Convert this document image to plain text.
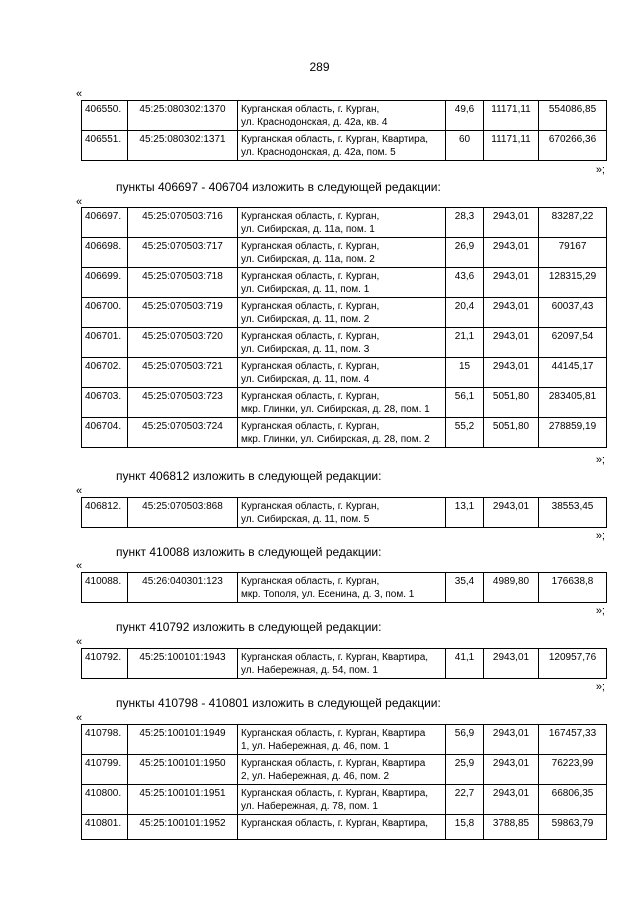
289
«
406550.	45:25:080302:1370	Курганская область, г. Курган,
ул. Краснодонская, д. 42а, кв. 4	49,6	11171,11	554086,85
406551.	45:25:080302:1371	Курганская область, г. Курган, Квартира,
ул. Краснодонская, д. 42а, пом. 5	60	11171,11	670266,36
»;
пункты 406697 - 406704 изложить в следующей редакции:
«
406697.	45:25:070503:716	Курганская область, г. Курган,
ул. Сибирская, д. 11а, пом. 1	28,3	2943,01	83287,22
406698.	45:25:070503:717	Курганская область, г. Курган,
ул. Сибирская, д. 11а, пом. 2	26,9	2943,01	79167
406699.	45:25:070503:718	Курганская область, г. Курган,
ул. Сибирская, д. 11, пом. 1	43,6	2943,01	128315,29
406700.	45:25:070503:719	Курганская область, г. Курган,
ул. Сибирская, д. 11, пом. 2	20,4	2943,01	60037,43
406701.	45:25:070503:720	Курганская область, г. Курган,
ул. Сибирская, д. 11, пом. 3	21,1	2943,01	62097,54
406702.	45:25:070503:721	Курганская область, г. Курган,
ул. Сибирская, д. 11, пом. 4	15	2943,01	44145,17
406703.	45:25:070503:723	Курганская область, г. Курган,
мкр. Глинки, ул. Сибирская, д. 28, пом. 1	56,1	5051,80	283405,81
406704.	45:25:070503:724	Курганская область, г. Курган,
мкр. Глинки, ул. Сибирская, д. 28, пом. 2	55,2	5051,80	278859,19
»;
пункт 406812 изложить в следующей редакции:
«
406812.	45:25:070503:868	Курганская область, г. Курган,
ул. Сибирская, д. 11, пом. 5
	13,1	2943,01	38553,45
»;
пункт 410088 изложить в следующей редакции:
«
410088.	45:26:040301:123	Курганская область, г. Курган,
мкр. Тополя, ул. Есенина, д. 3, пом. 1
	35,4	4989,80	176638,8
»;
пункт 410792 изложить в следующей редакции:
«
410792.	45:25:100101:1943	Курганская область, г. Курган, Квартира,
ул. Набережная, д. 54, пом. 1
	41,1	2943,01	120957,76
»;
пункты 410798 - 410801 изложить в следующей редакции:
«
410798.	45:25:100101:1949	Курганская область, г. Курган, Квартира
1, ул. Набережная, д. 46, пом. 1	56,9	2943,01	167457,33
410799.	45:25:100101:1950	Курганская область, г. Курган, Квартира
2, ул. Набережная, д. 46, пом. 2	25,9	2943,01	76223,99
410800.	45:25:100101:1951	Курганская область, г. Курган, Квартира,
ул. Набережная, д. 78, пом. 1	22,7	2943,01	66806,35
410801.	45:25:100101:1952	Курганская область, г. Курган, Квартира,	15,8	3788,85	59863,79
